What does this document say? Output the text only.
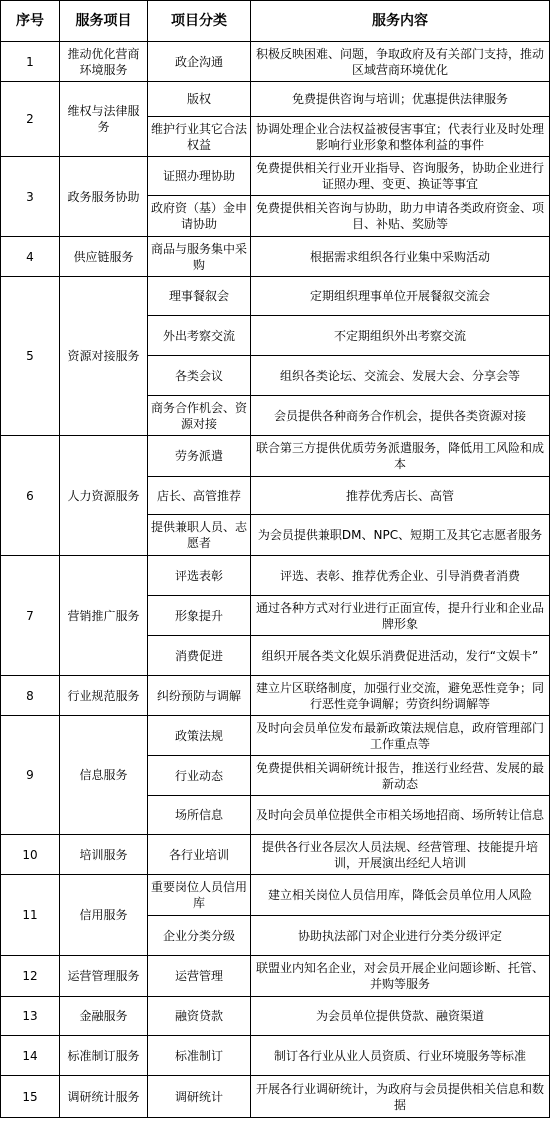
序号	服务项目	项目分类	服务内容
1	推动优化营商环境服务	政企沟通	积极反映困难、问题，争取政府及有关部门支持，推动区域营商环境优化
2	维权与法律服务	版权	免费提供咨询与培训；优惠提供法律服务
		维护行业其它合法权益	协调处理企业合法权益被侵害事宜；代表行业及时处理影响行业形象和整体利益的事件
3	政务服务协助	证照办理协助	免费提供相关行业开业指导、咨询服务，协助企业进行证照办理、变更、换证等事宜
		政府资（基）金申请协助	免费提供相关咨询与协助，助力申请各类政府资金、项目、补贴、奖励等
4	供应链服务	商品与服务集中采购	根据需求组织各行业集中采购活动
5	资源对接服务	理事餐叙会	定期组织理事单位开展餐叙交流会
		外出考察交流	不定期组织外出考察交流
		各类会议	组织各类论坛、交流会、发展大会、分享会等
		商务合作机会、资源对接	会员提供各种商务合作机会，提供各类资源对接
6	人力资源服务	劳务派遣	联合第三方提供优质劳务派遣服务，降低用工风险和成本
		店长、高管推荐	推荐优秀店长、高管
		提供兼职人员、志愿者	为会员提供兼职DM、NPC、短期工及其它志愿者服务
7	营销推广服务	评选表彰	评选、表彰、推荐优秀企业、引导消费者消费
		形象提升	通过各种方式对行业进行正面宣传，提升行业和企业品牌形象
		消费促进	组织开展各类文化娱乐消费促进活动，发行“文娱卡”
8	行业规范服务	纠纷预防与调解	建立片区联络制度，加强行业交流，避免恶性竞争；同行恶性竞争调解；劳资纠纷调解等
9	信息服务	政策法规	及时向会员单位发布最新政策法规信息，政府管理部门工作重点等
		行业动态	免费提供相关调研统计报告，推送行业经营、发展的最新动态
		场所信息	及时向会员单位提供全市相关场地招商、场所转让信息
10	培训服务	各行业培训	提供各行业各层次人员法规、经营管理、技能提升培训，开展演出经纪人培训
11	信用服务	重要岗位人员信用库	建立相关岗位人员信用库，降低会员单位用人风险
		企业分类分级	协助执法部门对企业进行分类分级评定
12	运营管理服务	运营管理	联盟业内知名企业，对会员开展企业问题诊断、托管、并购等服务
13	金融服务	融资贷款	为会员单位提供贷款、融资渠道
14	标准制订服务	标准制订	制订各行业从业人员资质、行业环境服务等标准
15	调研统计服务	调研统计	开展各行业调研统计，为政府与会员提供相关信息和数据
